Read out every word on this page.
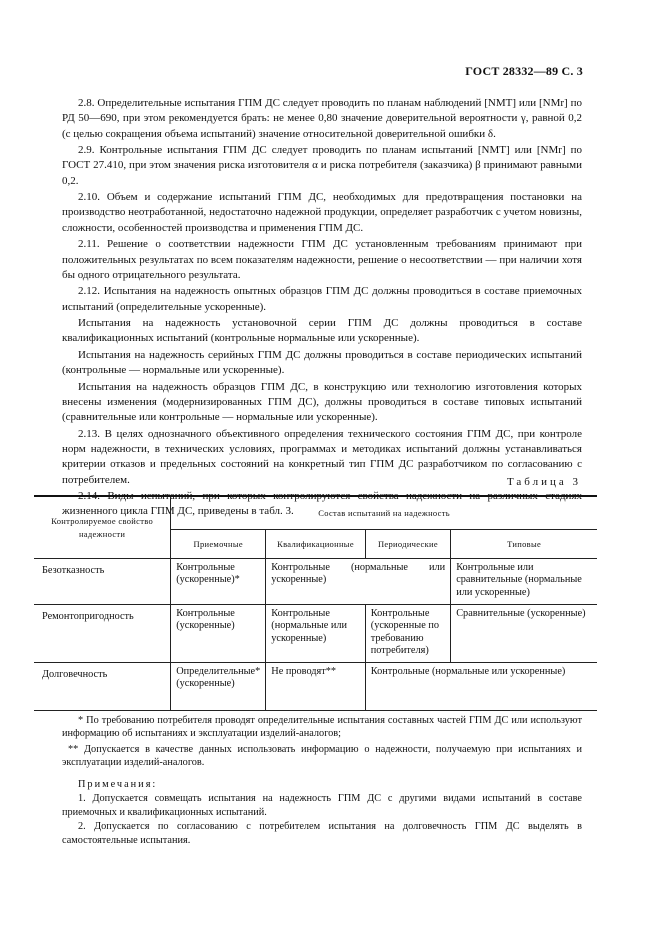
ГОСТ 28332—89 С. 3

2.8. Определительные испытания ГПМ ДС следует проводить по планам наблюдений [NMT] или [NMr] по РД 50—690, при этом рекомендуется брать: не менее 0,80 значение доверительной вероятности γ, равной 0,2 (с целью сокращения объема испытаний) значение относительной доверительной ошибки δ.

2.9. Контрольные испытания ГПМ ДС следует проводить по планам испытаний [NMT] или [NMr] по ГОСТ 27.410, при этом значения риска изготовителя α и риска потребителя (заказчика) β принимают равными 0,2.

2.10. Объем и содержание испытаний ГПМ ДС, необходимых для предотвращения постановки на производство неотработанной, недостаточно надежной продукции, определяет разработчик с учетом новизны, сложности, особенностей производства и применения ГПМ ДС.

2.11. Решение о соответствии надежности ГПМ ДС установленным требованиям принимают при положительных результатах по всем показателям надежности, решение о несоответствии — при наличии хотя бы одного отрицательного результата.

2.12. Испытания на надежность опытных образцов ГПМ ДС должны проводиться в составе приемочных испытаний (определительные ускоренные).

Испытания на надежность установочной серии ГПМ ДС должны проводиться в составе квалификационных испытаний (контрольные нормальные или ускоренные).

Испытания на надежность серийных ГПМ ДС должны проводиться в составе периодических испытаний (контрольные — нормальные или ускоренные).

Испытания на надежность образцов ГПМ ДС, в конструкцию или технологию изготовления которых внесены изменения (модернизированных ГПМ ДС), должны проводиться в составе типовых испытаний (сравнительные или контрольные — нормальные или ускоренные).

2.13. В целях однозначного объективного определения технического состояния ГПМ ДС, при контроле норм надежности, в технических условиях, программах и методиках испытаний должны устанавливаться критерии отказов и предельных состояний на конкретный тип ГПМ ДС разработчиком по согласованию с потребителем.

2.14. Виды испытаний, при которых контролируются свойства надежности на различных стадиях жизненного цикла ГПМ ДС, приведены в табл. 3.

Таблица 3
Контролируемое свойство надежности	Состав испытаний на надежность			
	Приемочные	Квалификационные	Периодические	Типовые
Безотказность	Контрольные (ускоренные)*	Контрольные (нормальные или ускоренные)		Контрольные или сравнительные (нормальные или ускоренные)
Ремонтопригодность	Контрольные (ускоренные)	Контрольные (нормальные или ускоренные)	Контрольные (ускоренные по требованию потребителя)	Сравнительные (ускоренные)
Долговечность	Определительные* (ускоренные)	Не проводят**	Контрольные (нормальные или ускоренные)	

* По требованию потребителя проводят определительные испытания составных частей ГПМ ДС или используют информацию об испытаниях и эксплуатации изделий-аналогов;

** Допускается в качестве данных использовать информацию о надежности, получаемую при испытаниях и эксплуатации изделий-аналогов.

Примечания:

1. Допускается совмещать испытания на надежность ГПМ ДС с другими видами испытаний в составе приемочных и квалификационных испытаний.

2. Допускается по согласованию с потребителем испытания на долговечность ГПМ ДС выделять в самостоятельные испытания.
